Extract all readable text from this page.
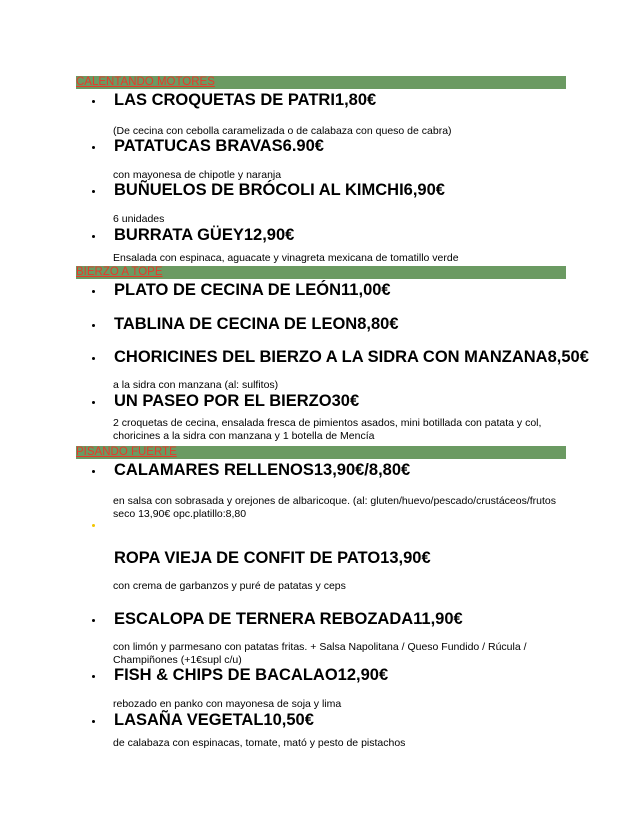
CALENTANDO MOTORES
LAS CROQUETAS DE PATRI1,80€
(De cecina con cebolla caramelizada o de calabaza con queso de cabra)
PATATUCAS BRAVAS6.90€
con mayonesa de chipotle y naranja
BUÑUELOS DE BRÓCOLI AL KIMCHI6,90€
6 unidades
BURRATA GÜEY12,90€
Ensalada con espinaca, aguacate y vinagreta mexicana de tomatillo verde
BIERZO A TOPE
PLATO DE CECINA DE LEÓN11,00€
TABLINA DE CECINA DE LEON8,80€
CHORICINES DEL BIERZO A LA SIDRA CON MANZANA8,50€
a la sidra con manzana (al: sulfitos)
UN PASEO POR EL BIERZO30€
2 croquetas de cecina, ensalada fresca de pimientos asados, mini botillada con patata y col, choricines a la sidra con manzana y 1 botella de Mencía
PISANDO FUERTE
CALAMARES RELLENOS13,90€/8,80€
en salsa con sobrasada y orejones de albaricoque. (al: gluten/huevo/pescado/crustáceos/frutos seco 13,90€ opc.platillo:8,80
ROPA VIEJA DE CONFIT DE PATO13,90€
con crema de garbanzos y puré de patatas y ceps
ESCALOPA DE TERNERA REBOZADA11,90€
con limón y parmesano con patatas fritas. + Salsa Napolitana / Queso Fundido / Rúcula / Champiñones (+1€supl c/u)
FISH & CHIPS DE BACALAO12,90€
rebozado en panko con mayonesa de soja y lima
LASAÑA VEGETAL10,50€
de calabaza con espinacas, tomate, mató y pesto de pistachos
